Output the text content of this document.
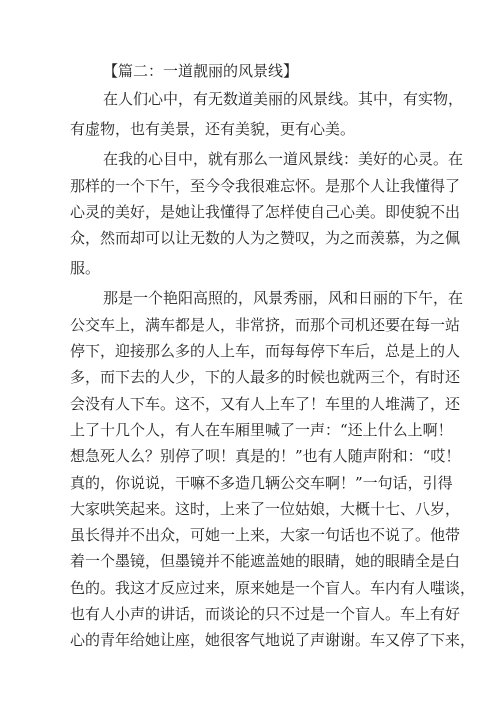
【篇二：一道靓丽的风景线】
在人们心中，有无数道美丽的风景线。其中，有实物，
有虚物，也有美景，还有美貌，更有心美。
在我的心目中，就有那么一道风景线：美好的心灵。在
那样的一个下午，至今令我很难忘怀。是那个人让我懂得了
心灵的美好，是她让我懂得了怎样使自己心美。即使貌不出
众，然而却可以让无数的人为之赞叹，为之而羡慕，为之佩
服。
那是一个艳阳高照的，风景秀丽，风和日丽的下午，在
公交车上，满车都是人，非常挤，而那个司机还要在每一站
停下，迎接那么多的人上车，而每每停下车后，总是上的人
多，而下去的人少，下的人最多的时候也就两三个，有时还
会没有人下车。这不，又有人上车了！车里的人堆满了，还
上了十几个人，有人在车厢里喊了一声：“还上什么上啊！
想急死人么？别停了呗！真是的！”也有人随声附和：“哎！
真的，你说说，干嘛不多造几辆公交车啊！”一句话，引得
大家哄笑起来。这时，上来了一位姑娘，大概十七、八岁，
虽长得并不出众，可她一上来，大家一句话也不说了。他带
着一个墨镜，但墨镜并不能遮盖她的眼睛，她的眼睛全是白
色的。我这才反应过来，原来她是一个盲人。车内有人嗤谈，
也有人小声的讲话，而谈论的只不过是一个盲人。车上有好
心的青年给她让座，她很客气地说了声谢谢。车又停了下来，
